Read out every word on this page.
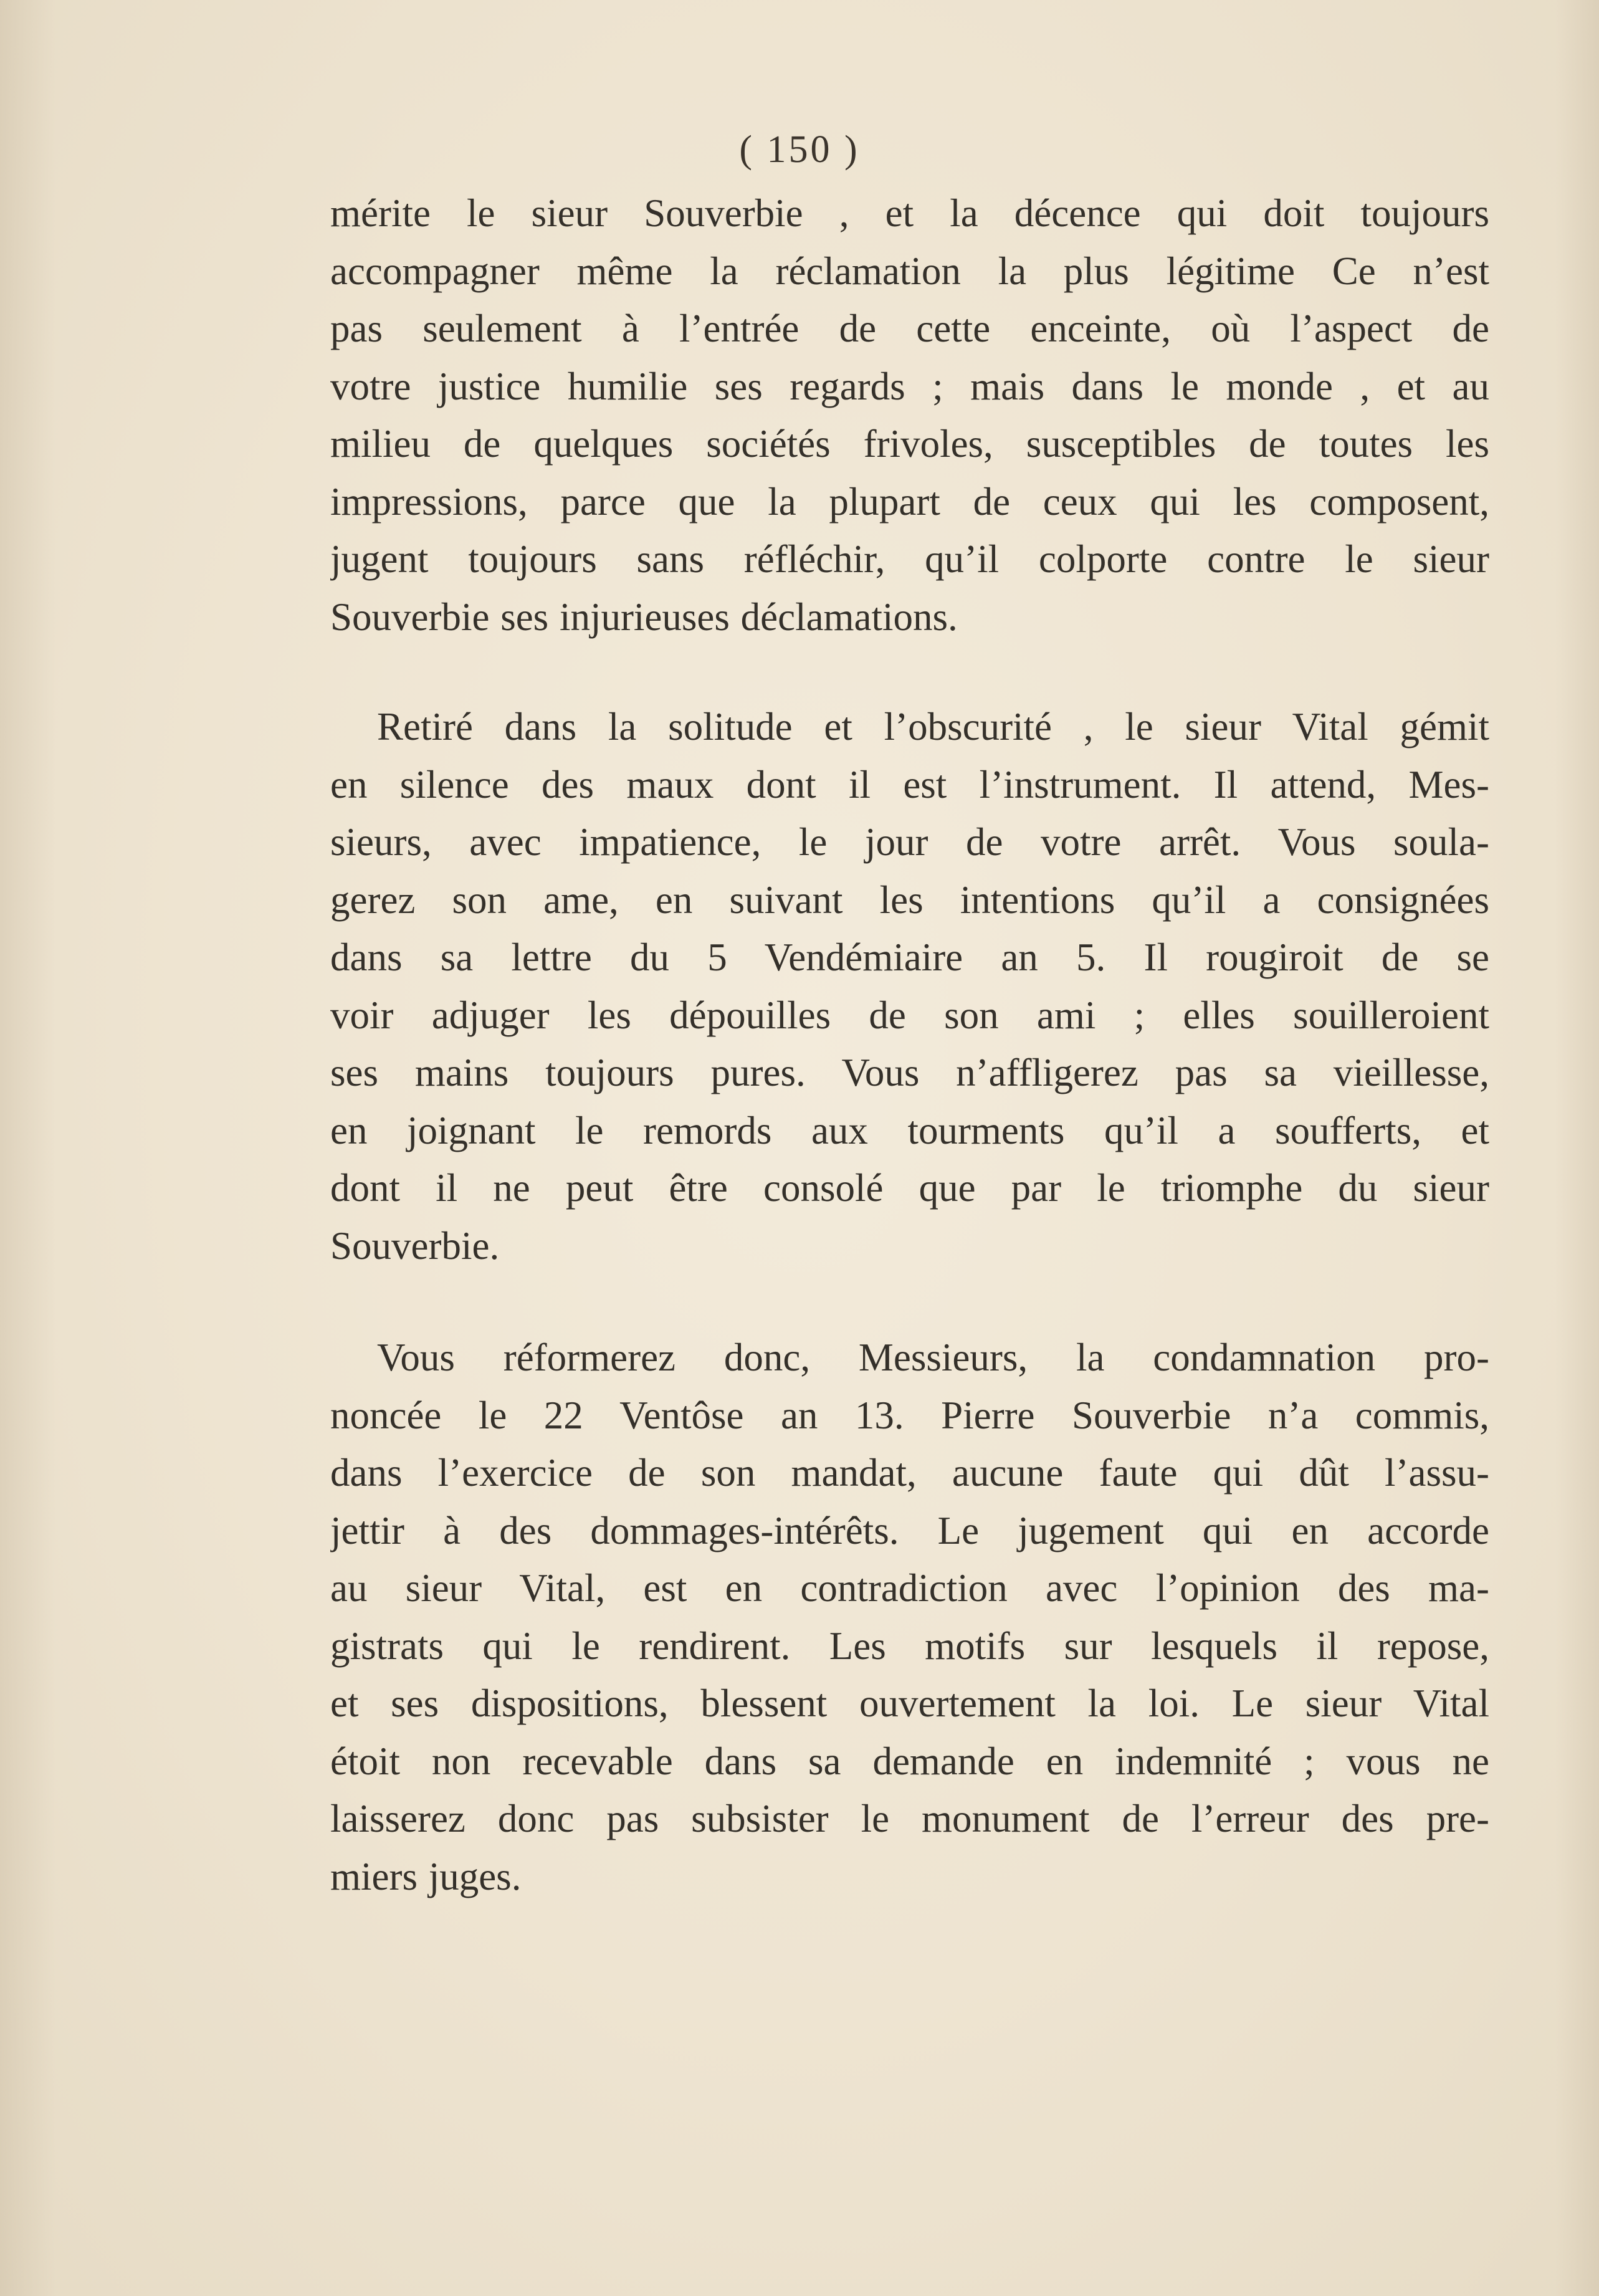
( 150 )
mérite le sieur Souverbie , et la décence qui doit toujours
accompagner même la réclamation la plus légitime Ce n’est
pas seulement à l’entrée de cette enceinte, où l’aspect de
votre justice humilie ses regards ; mais dans le monde , et au
milieu de quelques sociétés frivoles, susceptibles de toutes les
impressions, parce que la plupart de ceux qui les composent,
jugent toujours sans réfléchir, qu’il colporte contre le sieur
Souverbie ses injurieuses déclamations.
Retiré dans la solitude et l’obscurité , le sieur Vital gémit
en silence des maux dont il est l’instrument. Il attend, Mes-
sieurs, avec impatience, le jour de votre arrêt. Vous soula-
gerez son ame, en suivant les intentions qu’il a consignées
dans sa lettre du 5 Vendémiaire an 5. Il rougiroit de se
voir adjuger les dépouilles de son ami ; elles souilleroient
ses mains toujours pures. Vous n’affligerez pas sa vieillesse,
en joignant le remords aux tourments qu’il a soufferts, et
dont il ne peut être consolé que par le triomphe du sieur
Souverbie.
Vous réformerez donc, Messieurs, la condamnation pro-
noncée le 22 Ventôse an 13. Pierre Souverbie n’a commis,
dans l’exercice de son mandat, aucune faute qui dût l’assu-
jettir à des dommages-intérêts. Le jugement qui en accorde
au sieur Vital, est en contradiction avec l’opinion des ma-
gistrats qui le rendirent. Les motifs sur lesquels il repose,
et ses dispositions, blessent ouvertement la loi. Le sieur Vital
étoit non recevable dans sa demande en indemnité ; vous ne
laisserez donc pas subsister le monument de l’erreur des pre-
miers juges.
